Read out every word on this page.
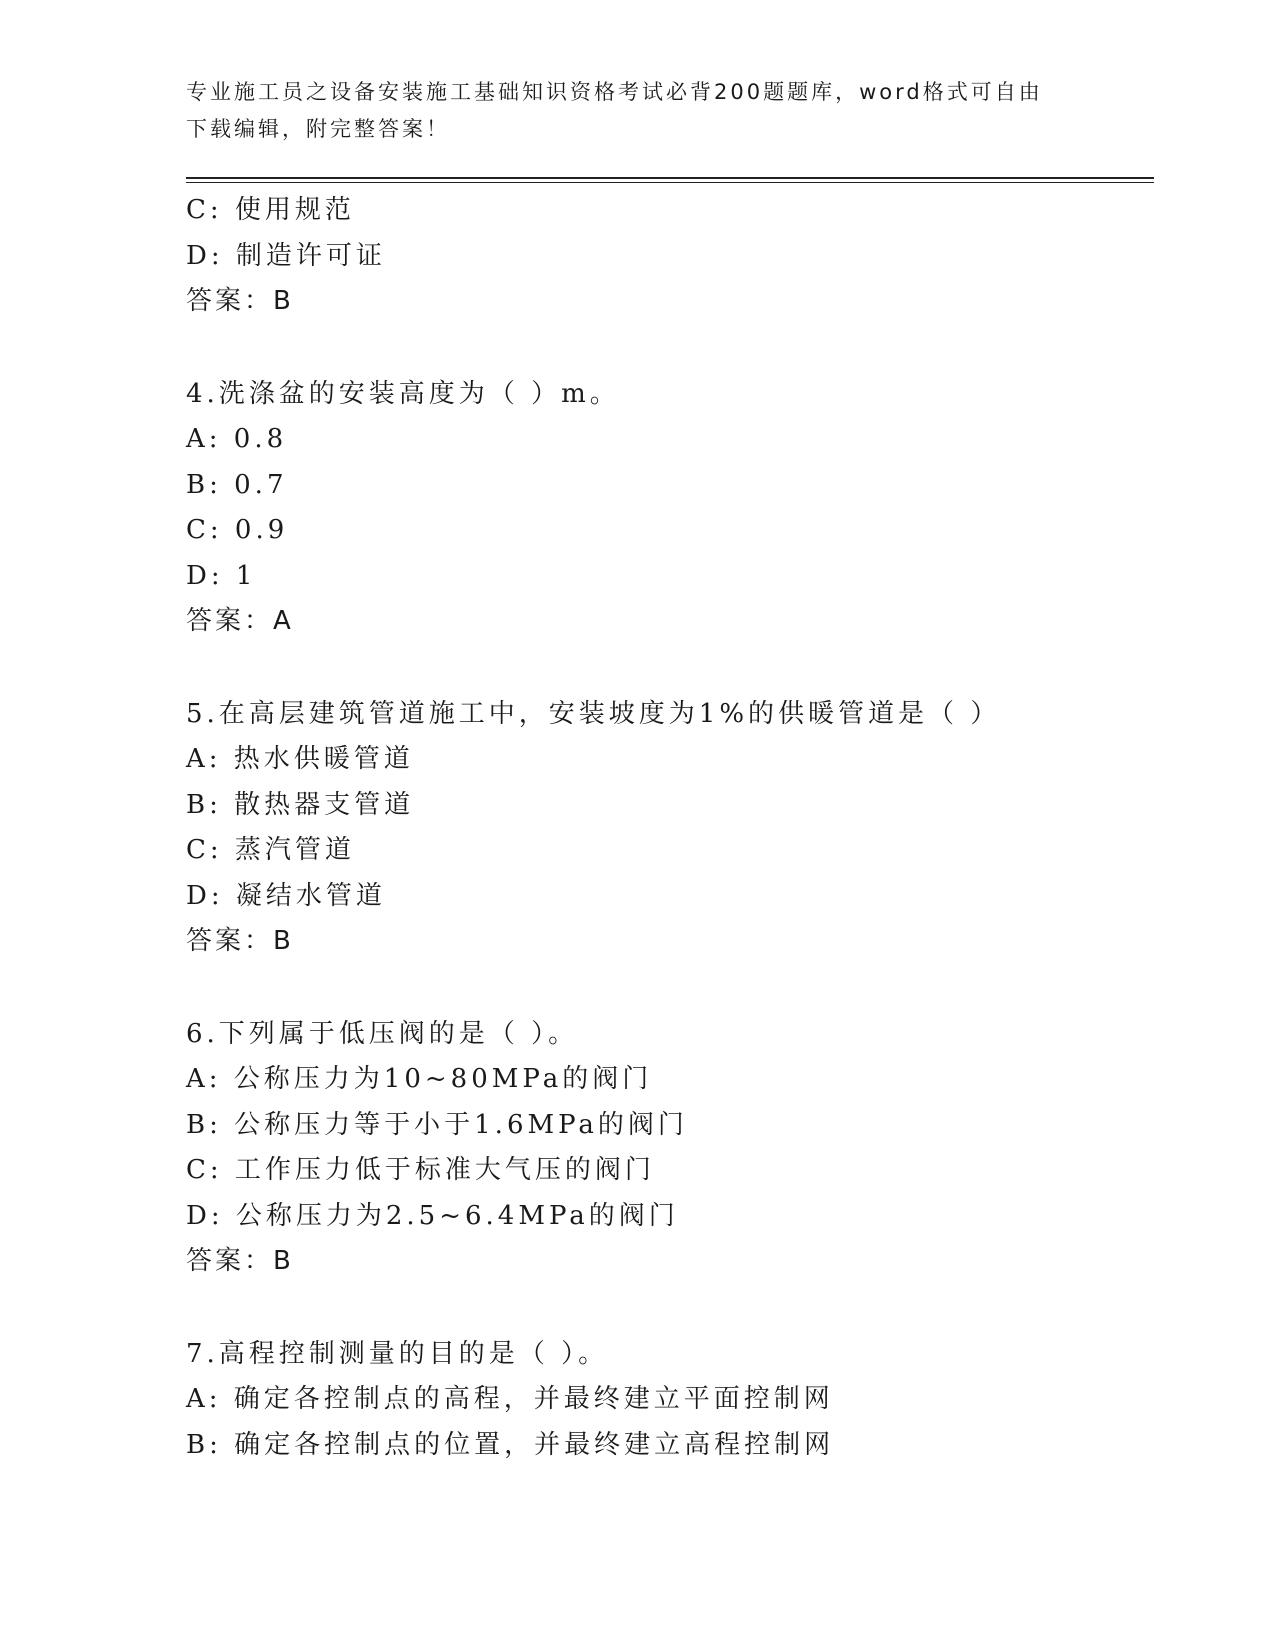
专业施工员之设备安装施工基础知识资格考试必背200题题库，word格式可自由
下载编辑，附完整答案！
C: 使用规范
D: 制造许可证
答案：B
4.洗涤盆的安装高度为（ ）m。
A: 0.8
B: 0.7
C: 0.9
D: 1
答案：A
5.在高层建筑管道施工中，安装坡度为1%的供暖管道是（ ）
A: 热水供暖管道
B: 散热器支管道
C: 蒸汽管道
D: 凝结水管道
答案：B
6.下列属于低压阀的是（ ）。
A: 公称压力为10~80MPa的阀门
B: 公称压力等于小于1.6MPa的阀门
C: 工作压力低于标准大气压的阀门
D: 公称压力为2.5~6.4MPa的阀门
答案：B
7.高程控制测量的目的是（ ）。
A: 确定各控制点的高程，并最终建立平面控制网
B: 确定各控制点的位置，并最终建立高程控制网
